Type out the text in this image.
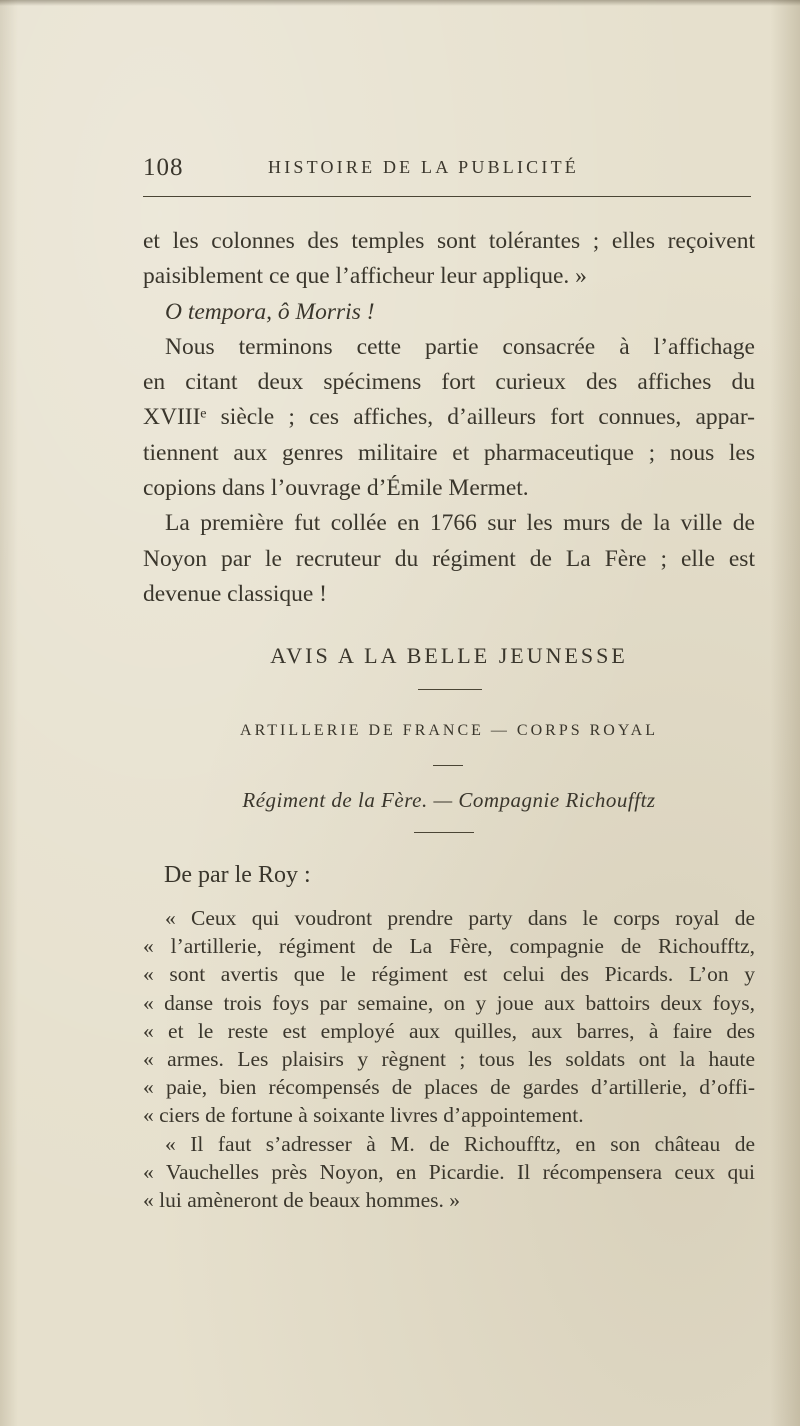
108	HISTOIRE DE LA PUBLICITÉ
et les colonnes des temples sont tolérantes ; elles reçoivent
paisiblement ce que l’afficheur leur applique. »
O tempora, ô Morris !
Nous terminons cette partie consacrée à l’affichage
en citant deux spécimens fort curieux des affiches du
XVIIIᵉ siècle ; ces affiches, d’ailleurs fort connues, appar-
tiennent aux genres militaire et pharmaceutique ; nous les
copions dans l’ouvrage d’Émile Mermet.
La première fut collée en 1766 sur les murs de la ville de
Noyon par le recruteur du régiment de La Fère ; elle est
devenue classique !
AVIS A LA BELLE JEUNESSE
ARTILLERIE DE FRANCE — CORPS ROYAL
Régiment de la Fère. — Compagnie Richoufftz
De par le Roy :
« Ceux qui voudront prendre party dans le corps royal de
« l’artillerie, régiment de La Fère, compagnie de Richoufftz,
« sont avertis que le régiment est celui des Picards. L’on y
« danse trois foys par semaine, on y joue aux battoirs deux foys,
« et le reste est employé aux quilles, aux barres, à faire des
« armes. Les plaisirs y règnent ; tous les soldats ont la haute
« paie, bien récompensés de places de gardes d’artillerie, d’offi-
« ciers de fortune à soixante livres d’appointement.
« Il faut s’adresser à M. de Richoufftz, en son château de
« Vauchelles près Noyon, en Picardie. Il récompensera ceux qui
« lui amèneront de beaux hommes. »
